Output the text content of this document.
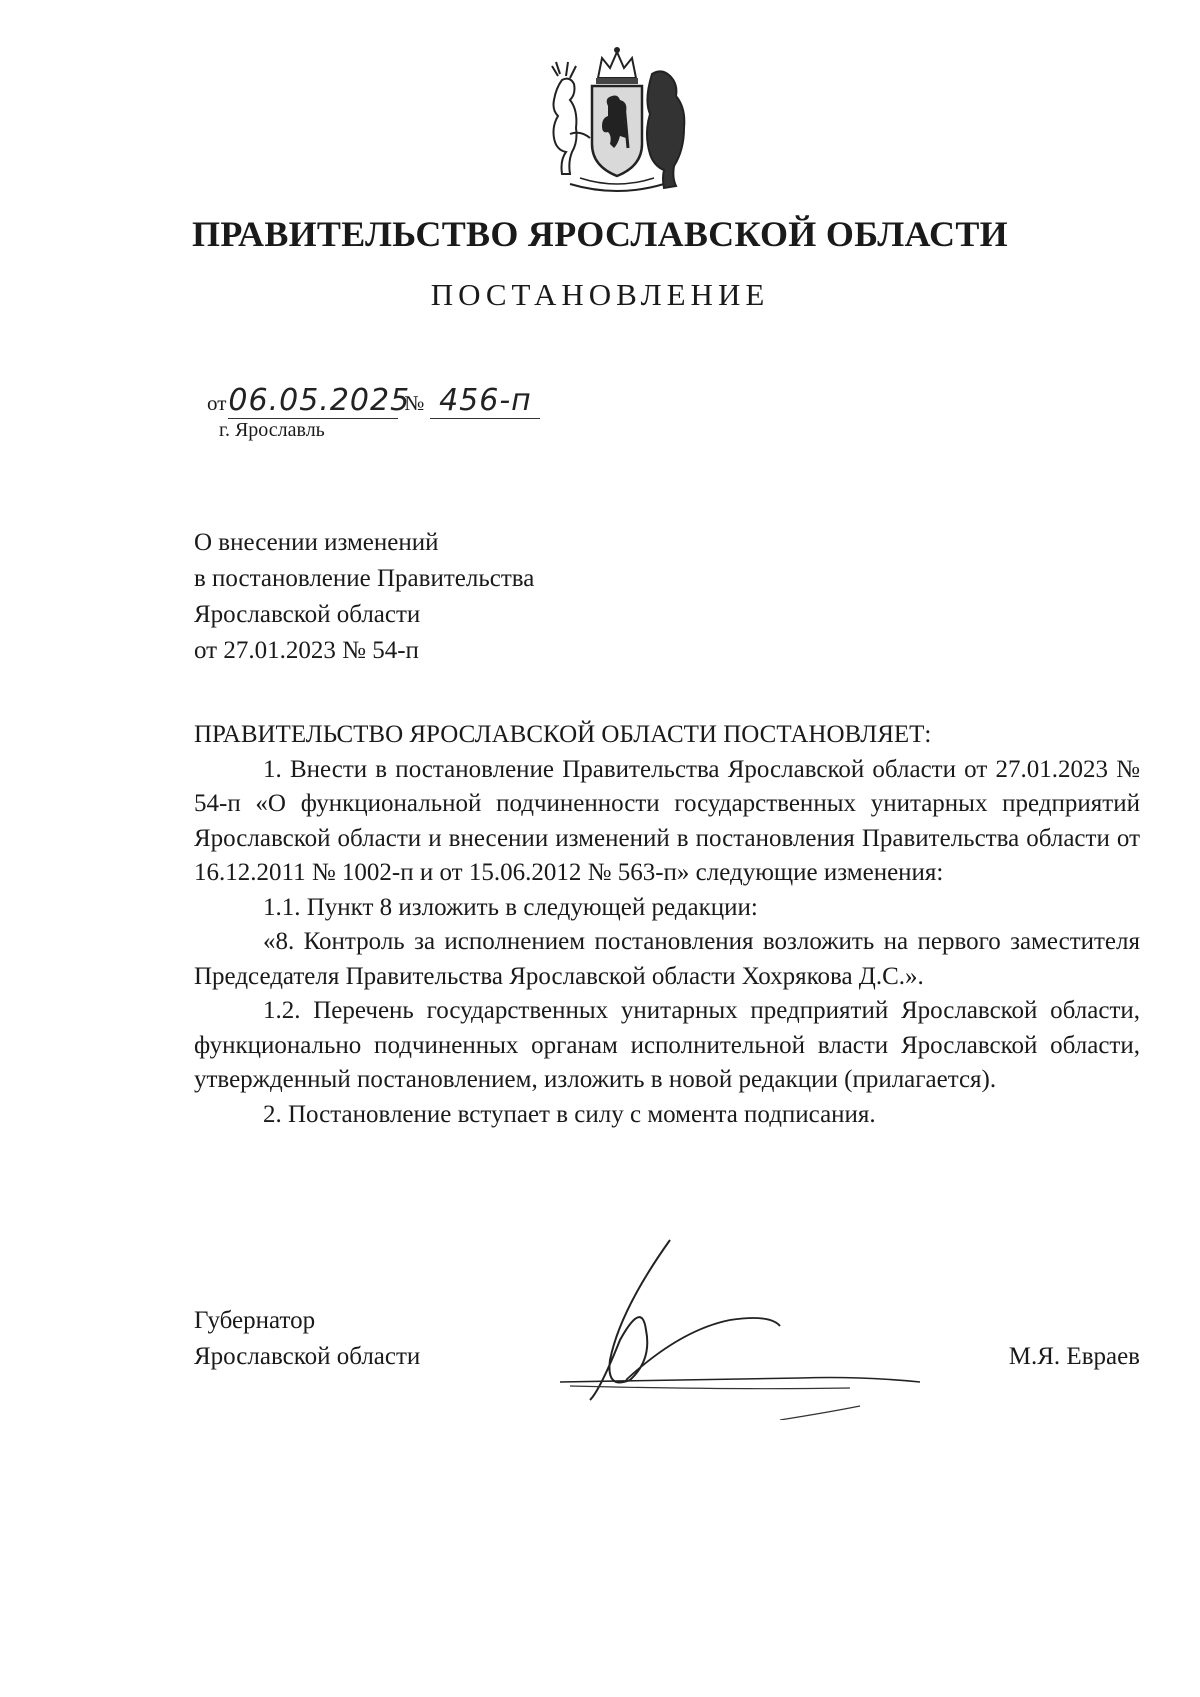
ПРАВИТЕЛЬСТВО ЯРОСЛАВСКОЙ ОБЛАСТИ
ПОСТАНОВЛЕНИЕ
от06.05.2025№ 456-п
г. Ярославль
О внесении изменений
в постановление Правительства
Ярославской области
от 27.01.2023 № 54-п

ПРАВИТЕЛЬСТВО ЯРОСЛАВСКОЙ ОБЛАСТИ ПОСТАНОВЛЯЕТ:

1. Внести в постановление Правительства Ярославской области от 27.01.2023 № 54-п «О функциональной подчиненности государственных унитарных предприятий Ярославской области и внесении изменений в постановления Правительства области от 16.12.2011 № 1002-п и от 15.06.2012 № 563-п» следующие изменения:

1.1. Пункт 8 изложить в следующей редакции:

«8. Контроль за исполнением постановления возложить на первого заместителя Председателя Правительства Ярославской области Хохрякова Д.С.».

1.2. Перечень государственных унитарных предприятий Ярославской области, функционально подчиненных органам исполнительной власти Ярославской области, утвержденный постановлением, изложить в новой редакции (прилагается).

2. Постановление вступает в силу с момента подписания.

Губернатор
Ярославской области	М.Я. Евраев
